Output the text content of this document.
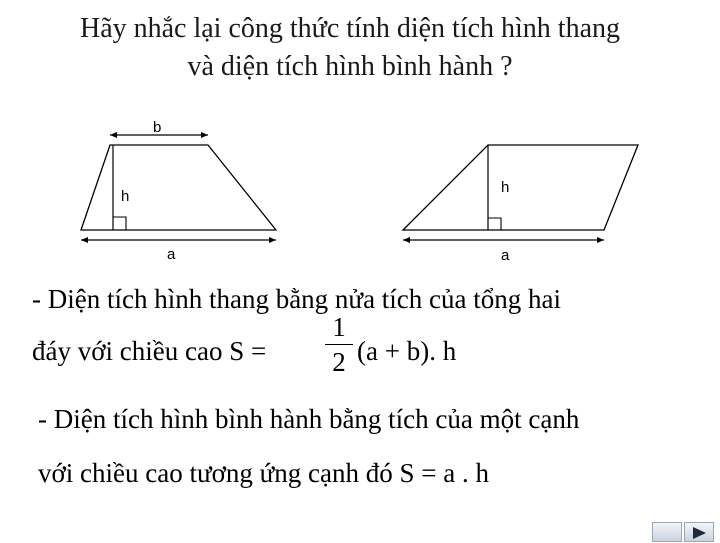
Hãy nhắc lại công thức tính diện tích hình thang
và diện tích hình bình hành ?
b
h
a
h
a
- Diện tích hình thang bằng nửa tích của tổng hai
đáy với chiều cao S =
1
2 (a + b). h
- Diện tích hình bình hành bằng tích của một cạnh
với chiều cao tương ứng cạnh đó S = a . h
